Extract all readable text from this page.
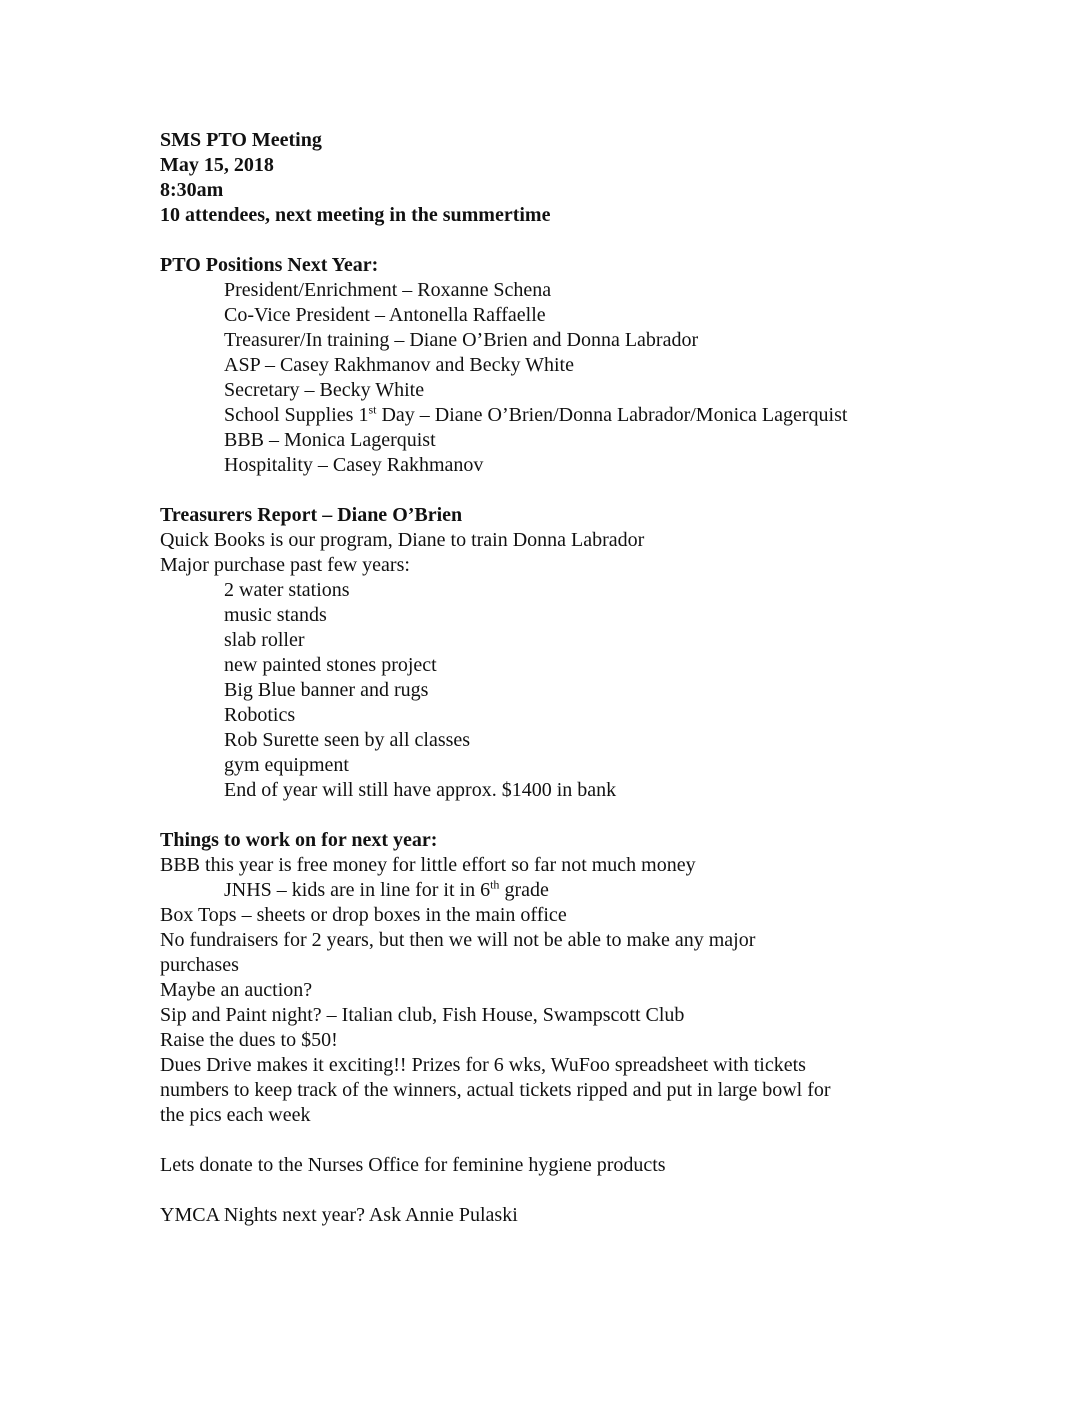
SMS PTO Meeting
May 15, 2018
8:30am
10 attendees, next meeting in the summertime
PTO Positions Next Year:
President/Enrichment – Roxanne Schena
Co-Vice President – Antonella Raffaelle
Treasurer/In training – Diane O’Brien and Donna Labrador
ASP – Casey Rakhmanov and Becky White
Secretary – Becky White
School Supplies 1st Day – Diane O’Brien/Donna Labrador/Monica Lagerquist
BBB – Monica Lagerquist
Hospitality – Casey Rakhmanov
Treasurers Report – Diane O’Brien
Quick Books is our program, Diane to train Donna Labrador
Major purchase past few years:
2 water stations
music stands
slab roller
new painted stones project
Big Blue banner and rugs
Robotics
Rob Surette seen by all classes
gym equipment
End of year will still have approx. $1400 in bank
Things to work on for next year:
BBB this year is free money for little effort so far not much money
JNHS – kids are in line for it in 6th grade
Box Tops – sheets or drop boxes in the main office
No fundraisers for 2 years, but then we will not be able to make any major
purchases
Maybe an auction?
Sip and Paint night? – Italian club, Fish House, Swampscott Club
Raise the dues to $50!
Dues Drive makes it exciting!! Prizes for 6 wks, WuFoo spreadsheet with tickets
numbers to keep track of the winners, actual tickets ripped and put in large bowl for
the pics each week
Lets donate to the Nurses Office for feminine hygiene products
YMCA Nights next year? Ask Annie Pulaski
